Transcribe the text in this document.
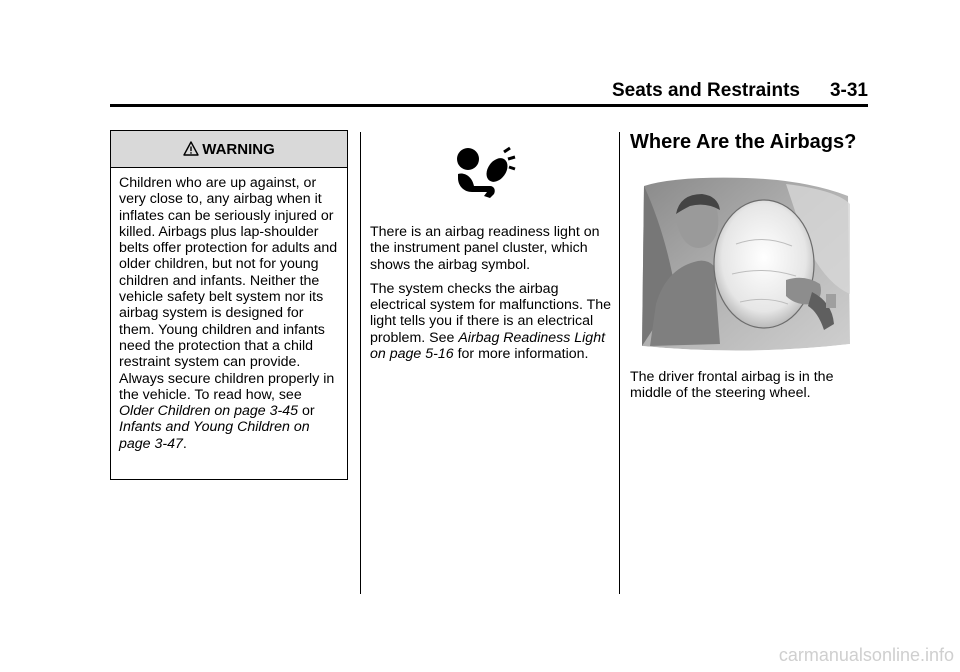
Seats and Restraints 3-31
WARNING

Children who are up against, or very close to, any airbag when it inflates can be seriously injured or killed. Airbags plus lap-shoulder belts offer protection for adults and older children, but not for young children and infants. Neither the vehicle safety belt system nor its airbag system is designed for them. Young children and infants need the protection that a child restraint system can provide. Always secure children properly in the vehicle. To read how, see Older Children on page 3-45 or Infants and Young Children on page 3-47.

There is an airbag readiness light on the instrument panel cluster, which shows the airbag symbol.

The system checks the airbag electrical system for malfunctions. The light tells you if there is an electrical problem. See Airbag Readiness Light on page 5-16 for more information.

Where Are the Airbags?

The driver frontal airbag is in the middle of the steering wheel.

carmanualsonline.info
